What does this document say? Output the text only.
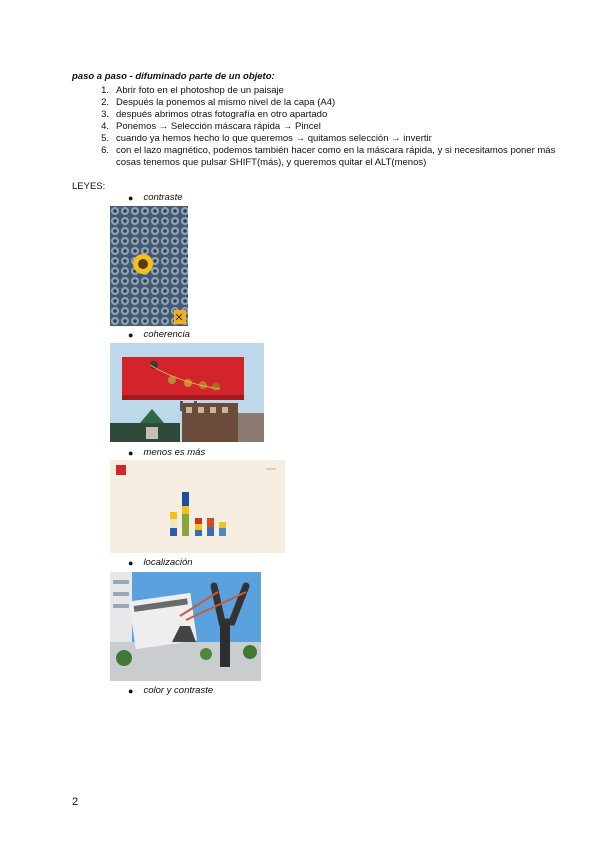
paso a paso - difuminado parte de un objeto:
1. Abrir foto en el photoshop de un paisaje
2. Después la ponemos al mismo nivel de la capa (A4)
3. después abrimos otras fotografía en otro apartado
4. Ponemos → Selección máscara rápida → Pincel
5. cuando ya hemos hecho lo que queremos → quitamos selección → invertir
6. con el lazo magnético, podemos también hacer como en la máscara rápida, y si necesitamos poner más cosas tenemos que pulsar SHIFT(más), y queremos quitar el ALT(menos)
LEYES:
● contraste
● coherencia
● menos es más
● localización
● color y contraste
2
